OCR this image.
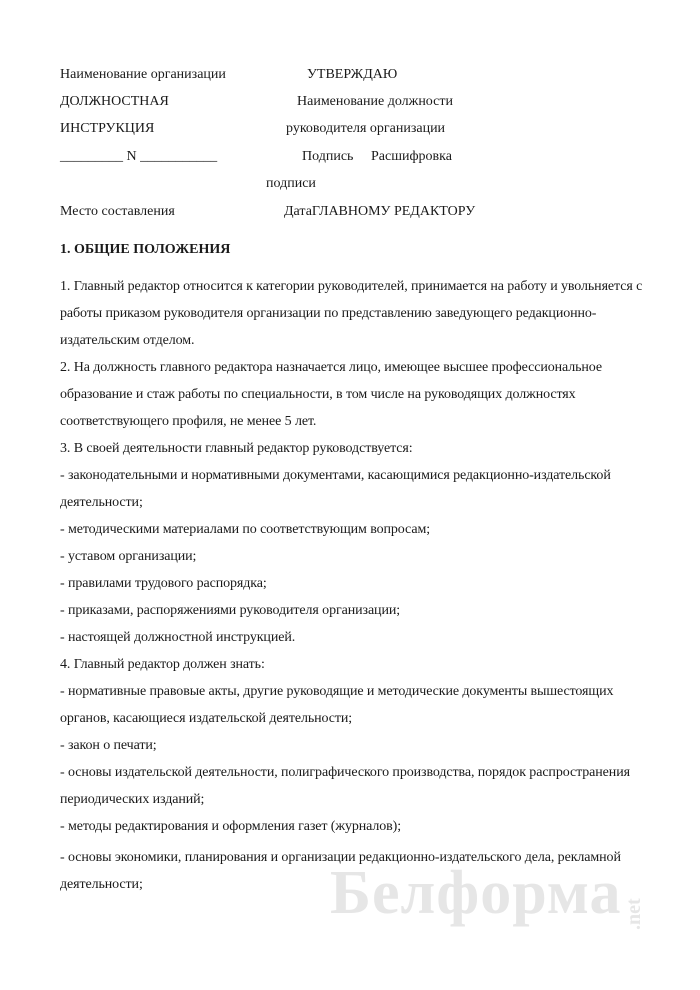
Наименование организации	УТВЕРЖДАЮ
ДОЛЖНОСТНАЯ	Наименование должности
ИНСТРУКЦИЯ	руководителя организации
_________ N ___________	Подпись Расшифровка
подписи
Место составления	ДатаГЛАВНОМУ РЕДАКТОРУ
1. ОБЩИЕ ПОЛОЖЕНИЯ
1. Главный редактор относится к категории руководителей, принимается на работу и увольняется с
работы приказом руководителя организации по представлению заведующего редакционно-
издательским отделом.
2. На должность главного редактора назначается лицо, имеющее высшее профессиональное
образование и стаж работы по специальности, в том числе на руководящих должностях
соответствующего профиля, не менее 5 лет.
3. В своей деятельности главный редактор руководствуется:
- законодательными и нормативными документами, касающимися редакционно-издательской
деятельности;
- методическими материалами по соответствующим вопросам;
- уставом организации;
- правилами трудового распорядка;
- приказами, распоряжениями руководителя организации;
- настоящей должностной инструкцией.
4. Главный редактор должен знать:
- нормативные правовые акты, другие руководящие и методические документы вышестоящих
органов, касающиеся издательской деятельности;
- закон о печати;
- основы издательской деятельности, полиграфического производства, порядок распространения
периодических изданий;
- методы редактирования и оформления газет (журналов);
- основы экономики, планирования и организации редакционно-издательского дела, рекламной
деятельности;	Белформа .net
